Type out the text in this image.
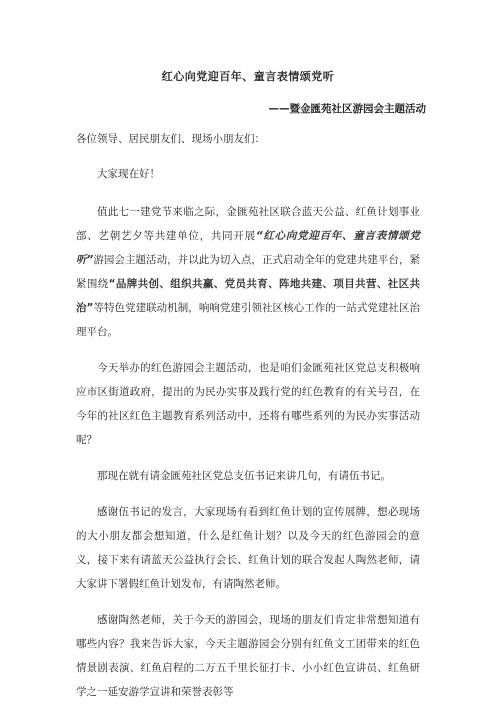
红心向党迎百年、童言表情颂党听
——暨金匯苑社区游园会主题活动
各位领导、居民朋友们、现场小朋友们：

大家现在好！

值此七一建党节来临之际，金匯苑社区联合蓝天公益、红鱼计划事业部、艺朝艺夕等共建单位，共同开展“红心向党迎百年、童言表情颂党听”游园会主题活动，并以此为切入点，正式启动全年的党建共建平台，紧紧围绕“品牌共创、组织共赢、党员共育、阵地共建、项目共营、社区共治”等特色党建联动机制，响响党建引领社区核心工作的一站式党建社区治理平台。

今天举办的红色游园会主题活动，也是咱们金匯苑社区党总支积极响应市区街道政府，提出的为民办实事及践行党的红色教育的有关号召，在今年的社区红色主题教育系列活动中，还将有哪些系列的为民办实事活动呢？

那现在就有请金匯苑社区党总支伍书记来讲几句，有请伍书记。

感谢伍书记的发言，大家现场有看到红鱼计划的宣传展牌，想必现场的大小朋友都会想知道，什么是红鱼计划？以及今天的红色游园会的意义，接下来有请蓝天公益执行会长、红鱼计划的联合发起人陶然老师，请大家讲下署假红鱼计划发布，有请陶然老师。

感谢陶然老师，关于今天的游园会，现场的朋友们肯定非常想知道有哪些内容？我来告诉大家，今天主题游园会分别有红鱼文工团带来的红色情景剧表演、红鱼启程的二万五千里长征打卡、小小红色宣讲员、红鱼研学之一延安游学宣讲和荣誉表彰等
